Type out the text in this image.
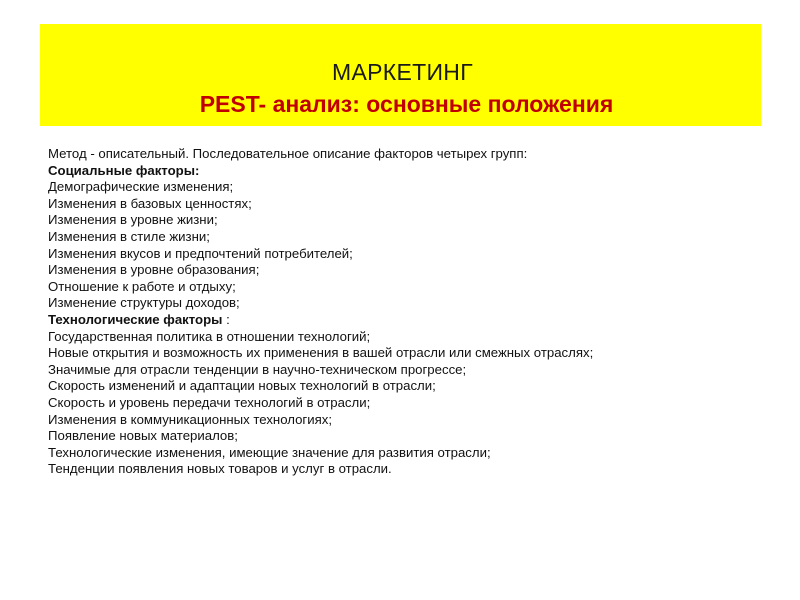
МАРКЕТИНГ
PEST- анализ: основные положения
Метод - описательный. Последовательное описание факторов четырех групп:
Социальные факторы:
Демографические изменения;
Изменения в базовых ценностях;
Изменения в уровне жизни;
Изменения в стиле жизни;
Изменения вкусов и предпочтений потребителей;
Изменения в уровне образования;
Отношение к работе и отдыху;
Изменение структуры доходов;
Технологические факторы :
Государственная политика в отношении технологий;
Новые открытия и возможность их применения в вашей отрасли или смежных отраслях;
Значимые для отрасли тенденции в научно-техническом прогрессе;
Скорость изменений и адаптации новых технологий в отрасли;
Скорость и уровень передачи технологий в отрасли;
Изменения в коммуникационных технологиях;
Появление новых материалов;
Технологические изменения, имеющие значение для развития отрасли;
Тенденции появления новых товаров и услуг в отрасли.
